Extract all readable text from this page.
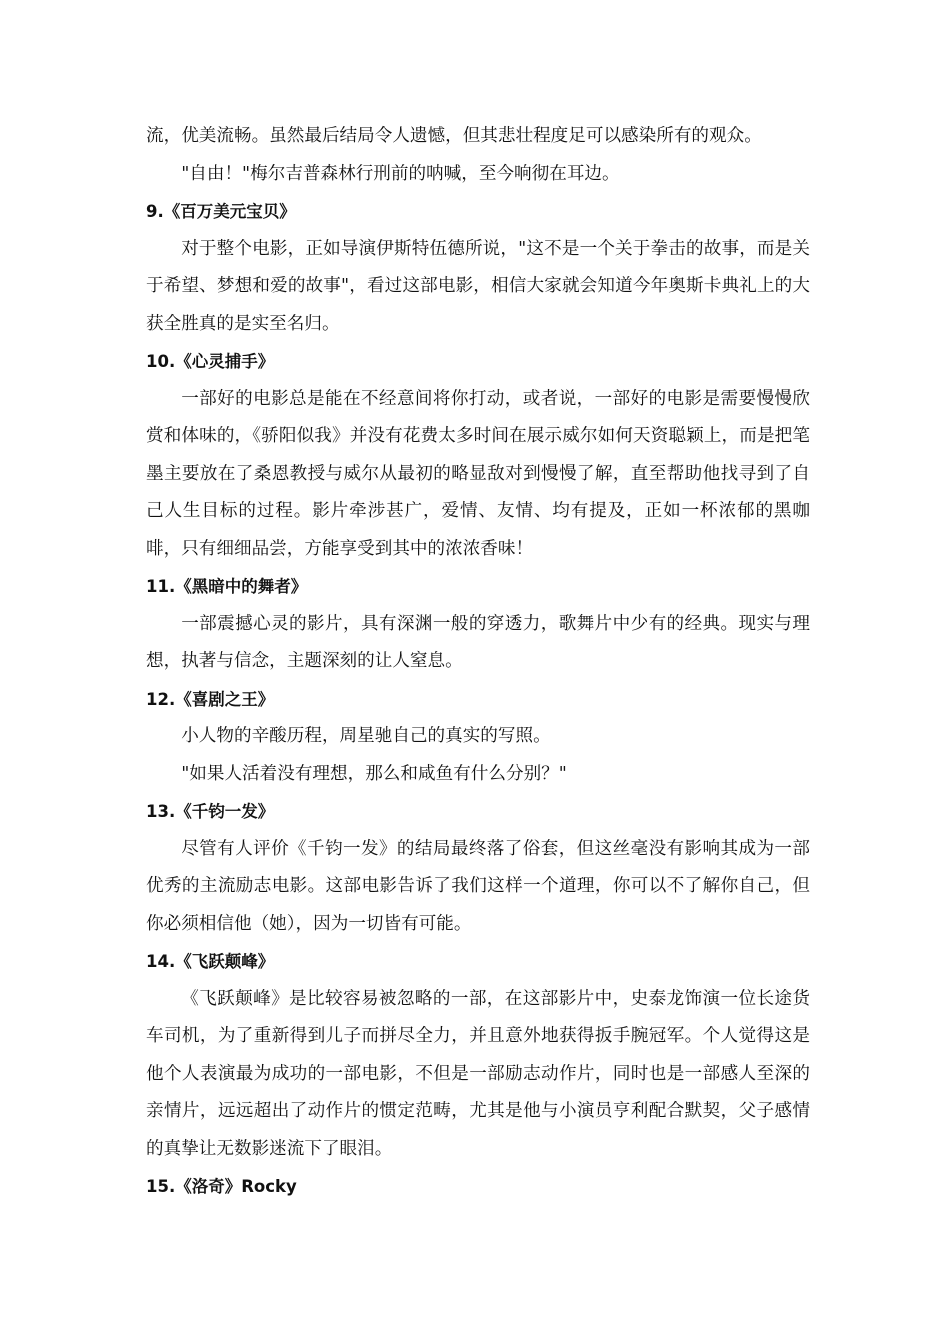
流，优美流畅。虽然最后结局令人遗憾，但其悲壮程度足可以感染所有的观众。

"自由！"梅尔吉普森林行刑前的呐喊，至今响彻在耳边。

9.《百万美元宝贝》

对于整个电影，正如导演伊斯特伍德所说，"这不是一个关于拳击的故事，而是关于希望、梦想和爱的故事"，看过这部电影，相信大家就会知道今年奥斯卡典礼上的大获全胜真的是实至名归。

10.《心灵捕手》

一部好的电影总是能在不经意间将你打动，或者说，一部好的电影是需要慢慢欣赏和体味的，《骄阳似我》并没有花费太多时间在展示威尔如何天资聪颖上，而是把笔墨主要放在了桑恩教授与威尔从最初的略显敌对到慢慢了解，直至帮助他找寻到了自己人生目标的过程。影片牵涉甚广，爱情、友情、均有提及，正如一杯浓郁的黑咖啡，只有细细品尝，方能享受到其中的浓浓香味！

11.《黑暗中的舞者》

一部震撼心灵的影片，具有深渊一般的穿透力，歌舞片中少有的经典。现实与理想，执著与信念，主题深刻的让人窒息。

12.《喜剧之王》

小人物的辛酸历程，周星驰自己的真实的写照。

"如果人活着没有理想，那么和咸鱼有什么分别？"

13.《千钧一发》

尽管有人评价《千钧一发》的结局最终落了俗套，但这丝毫没有影响其成为一部优秀的主流励志电影。这部电影告诉了我们这样一个道理，你可以不了解你自己，但你必须相信他（她），因为一切皆有可能。

14.《飞跃颠峰》

《飞跃颠峰》是比较容易被忽略的一部，在这部影片中，史泰龙饰演一位长途货车司机，为了重新得到儿子而拼尽全力，并且意外地获得扳手腕冠军。个人觉得这是他个人表演最为成功的一部电影，不但是一部励志动作片，同时也是一部感人至深的亲情片，远远超出了动作片的惯定范畴，尤其是他与小演员亨利配合默契，父子感情的真挚让无数影迷流下了眼泪。

15.《洛奇》Rocky
